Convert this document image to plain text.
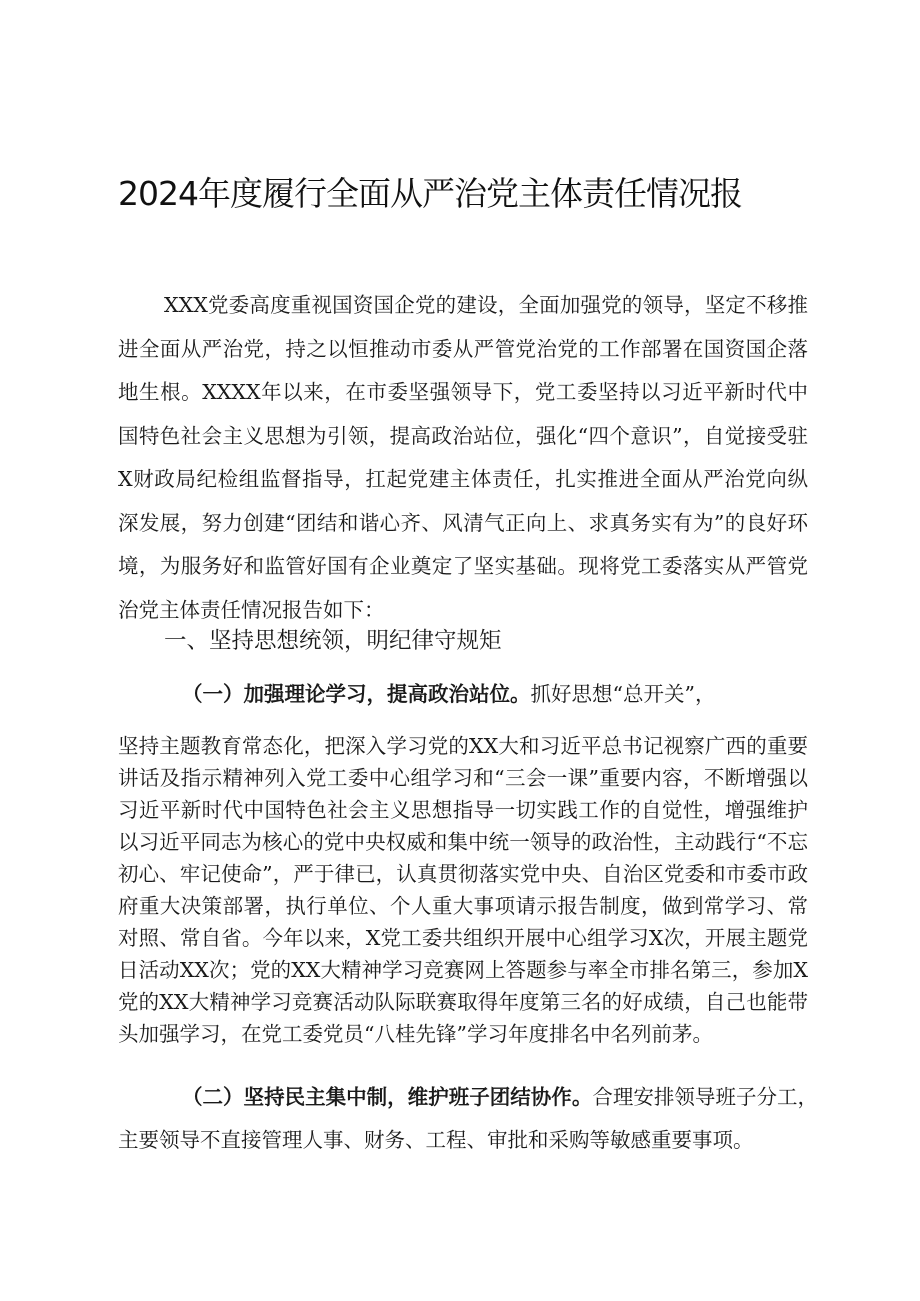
2024年度履行全面从严治党主体责任情况报

XXX党委高度重视国资国企党的建设，全面加强党的领导，坚定不移推进全面从严治党，持之以恒推动市委从严管党治党的工作部署在国资国企落地生根。XXXX年以来，在市委坚强领导下，党工委坚持以习近平新时代中国特色社会主义思想为引领，提高政治站位，强化“四个意识”，自觉接受驻X财政局纪检组监督指导，扛起党建主体责任，扎实推进全面从严治党向纵深发展，努力创建“团结和谐心齐、风清气正向上、求真务实有为”的良好环境，为服务好和监管好国有企业奠定了坚实基础。现将党工委落实从严管党治党主体责任情况报告如下：

一、坚持思想统领，明纪律守规矩
（一）加强理论学习，提高政治站位。抓好思想“总开关”，

坚持主题教育常态化，把深入学习党的XX大和习近平总书记视察广西的重要讲话及指示精神列入党工委中心组学习和“三会一课”重要内容，不断增强以习近平新时代中国特色社会主义思想指导一切实践工作的自觉性，增强维护以习近平同志为核心的党中央权威和集中统一领导的政治性，主动践行“不忘初心、牢记使命”，严于律已，认真贯彻落实党中央、自治区党委和市委市政府重大决策部署，执行单位、个人重大事项请示报告制度，做到常学习、常对照、常自省。今年以来，X党工委共组织开展中心组学习X次，开展主题党日活动XX次；党的XX大精神学习竞赛网上答题参与率全市排名第三，参加X党的XX大精神学习竞赛活动队际联赛取得年度第三名的好成绩，自己也能带头加强学习，在党工委党员“八桂先锋”学习年度排名中名列前茅。

（二）坚持民主集中制，维护班子团结协作。合理安排领导班子分工，主要领导不直接管理人事、财务、工程、审批和采购等敏感重要事项。
